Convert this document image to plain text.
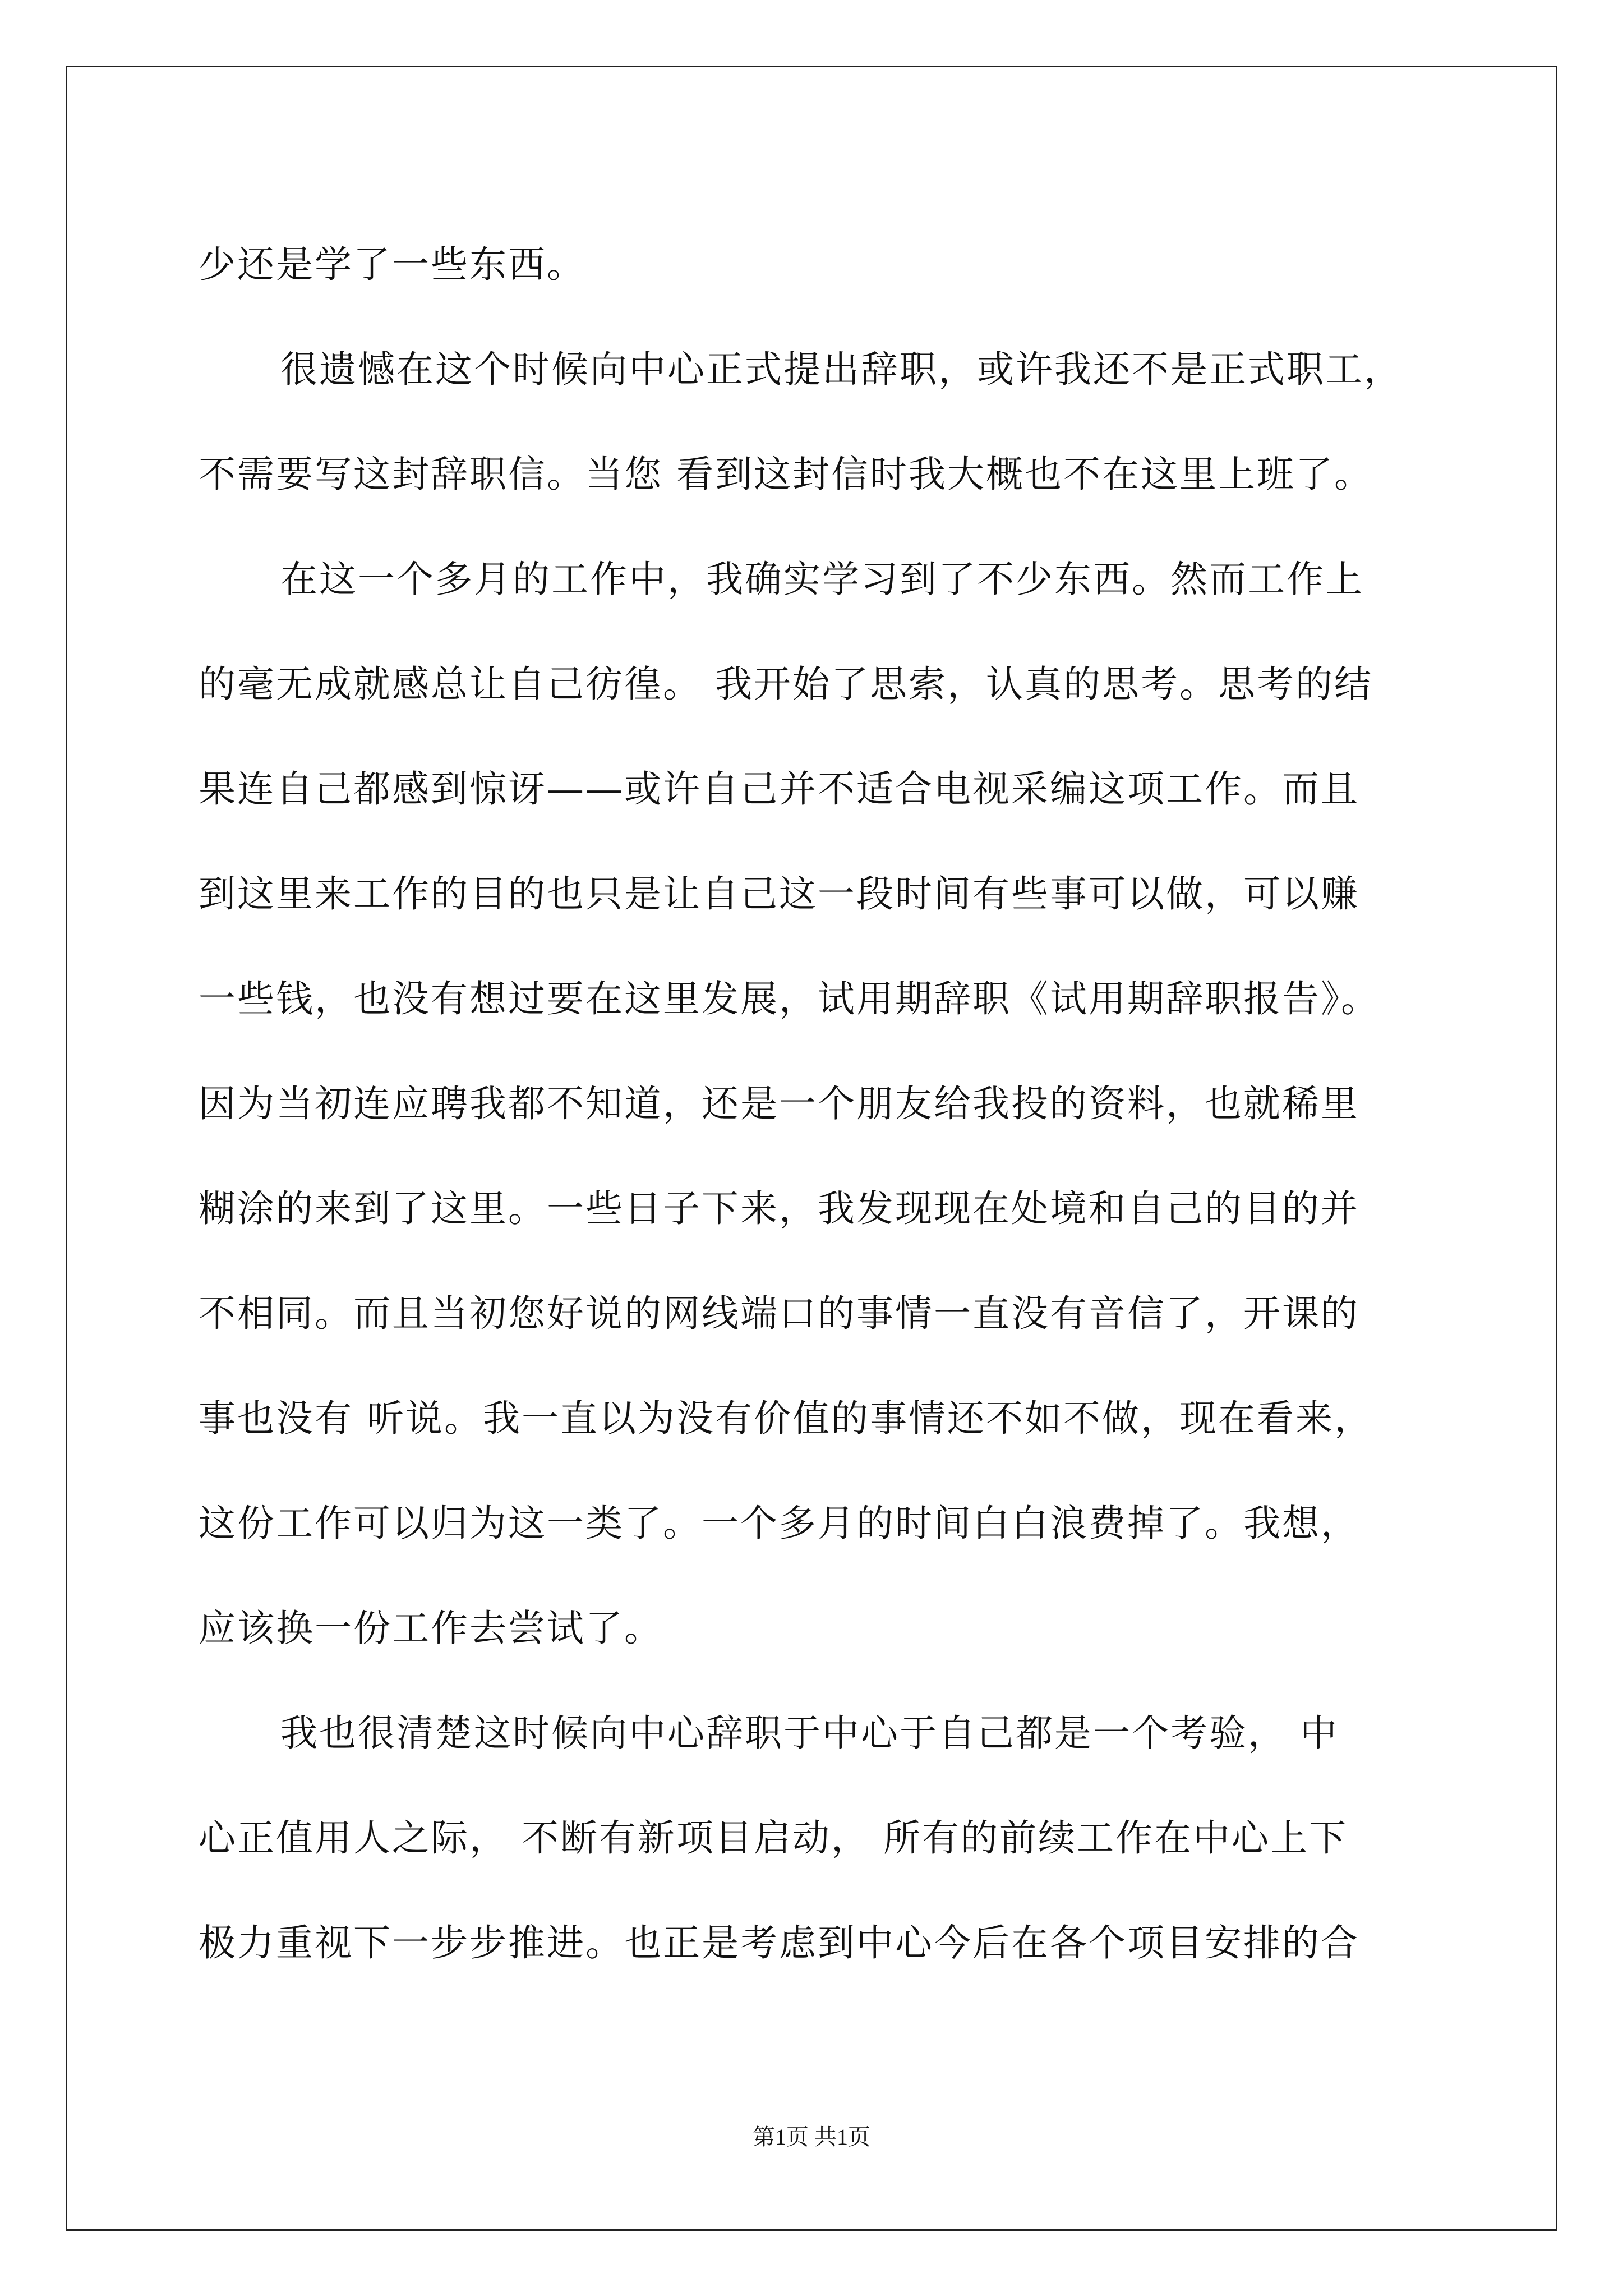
少还是学了一些东西。
很遗憾在这个时候向中心正式提出辞职，或许我还不是正式职工，
不需要写这封辞职信。当您 看到这封信时我大概也不在这里上班了。
在这一个多月的工作中，我确实学习到了不少东西。然而工作上
的毫无成就感总让自己彷徨。 我开始了思索，认真的思考。思考的结
果连自己都感到惊讶——或许自己并不适合电视采编这项工作。而且
到这里来工作的目的也只是让自己这一段时间有些事可以做，可以赚
一些钱，也没有想过要在这里发展，试用期辞职《试用期辞职报告》。
因为当初连应聘我都不知道，还是一个朋友给我投的资料，也就稀里
糊涂的来到了这里。一些日子下来，我发现现在处境和自己的目的并
不相同。而且当初您好说的网线端口的事情一直没有音信了，开课的
事也没有 听说。我一直以为没有价值的事情还不如不做，现在看来，
这份工作可以归为这一类了。一个多月的时间白白浪费掉了。我想，
应该换一份工作去尝试了。
我也很清楚这时候向中心辞职于中心于自己都是一个考验， 中
心正值用人之际， 不断有新项目启动， 所有的前续工作在中心上下
极力重视下一步步推进。也正是考虑到中心今后在各个项目安排的合
第1页 共1页
